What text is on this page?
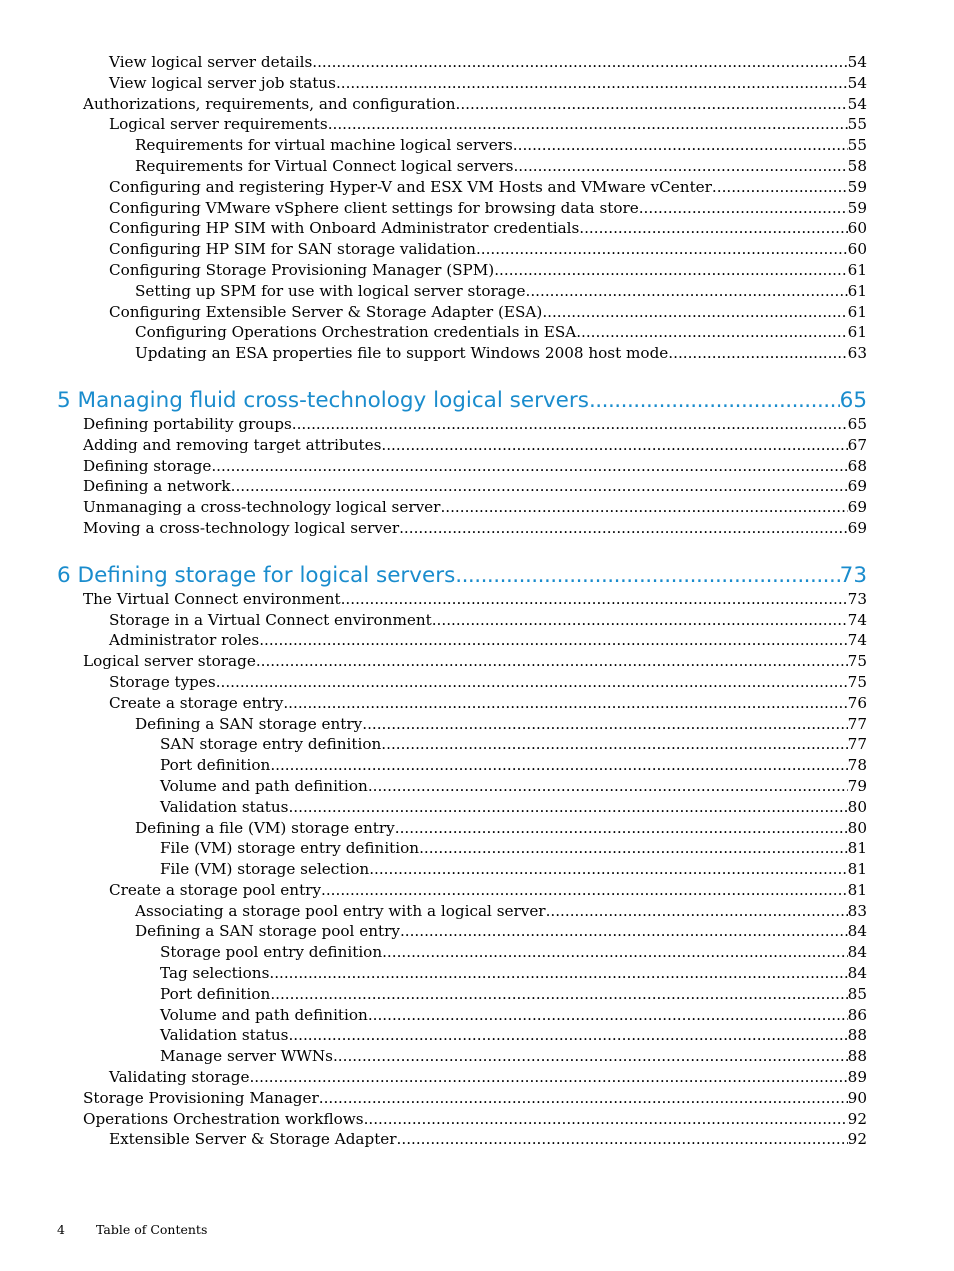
View logical server details .....	54
View logical server job status .....	54
Authorizations, requirements, and configuration .....	54
Logical server requirements .....	55
Requirements for virtual machine logical servers .....	55
Requirements for Virtual Connect logical servers .....	58
Configuring and registering Hyper-V and ESX VM Hosts and VMware vCenter .....	59
Configuring VMware vSphere client settings for browsing data store .....	59
Configuring HP SIM with Onboard Administrator credentials .....	60
Configuring HP SIM for SAN storage validation .....	60
Configuring Storage Provisioning Manager (SPM) .....	61
Setting up SPM for use with logical server storage .....	61
Configuring Extensible Server & Storage Adapter (ESA) .....	61
Configuring Operations Orchestration credentials in ESA .....	61
Updating an ESA properties file to support Windows 2008 host mode .....	63
5 Managing fluid cross-technology logical servers .....	65
Defining portability groups .....	65
Adding and removing target attributes .....	67
Defining storage .....	68
Defining a network .....	69
Unmanaging a cross-technology logical server .....	69
Moving a cross-technology logical server .....	69
6 Defining storage for logical servers .....	73
The Virtual Connect environment .....	73
Storage in a Virtual Connect environment .....	74
Administrator roles .....	74
Logical server storage .....	75
Storage types .....	75
Create a storage entry .....	76
Defining a SAN storage entry .....	77
SAN storage entry definition .....	77
Port definition .....	78
Volume and path definition .....	79
Validation status .....	80
Defining a file (VM) storage entry .....	80
File (VM) storage entry definition .....	81
File (VM) storage selection .....	81
Create a storage pool entry .....	81
Associating a storage pool entry with a logical server .....	83
Defining a SAN storage pool entry .....	84
Storage pool entry definition .....	84
Tag selections .....	84
Port definition .....	85
Volume and path definition .....	86
Validation status .....	88
Manage server WWNs .....	88
Validating storage .....	89
Storage Provisioning Manager .....	90
Operations Orchestration workflows .....	92
Extensible Server & Storage Adapter .....	92
4 Table of Contents
